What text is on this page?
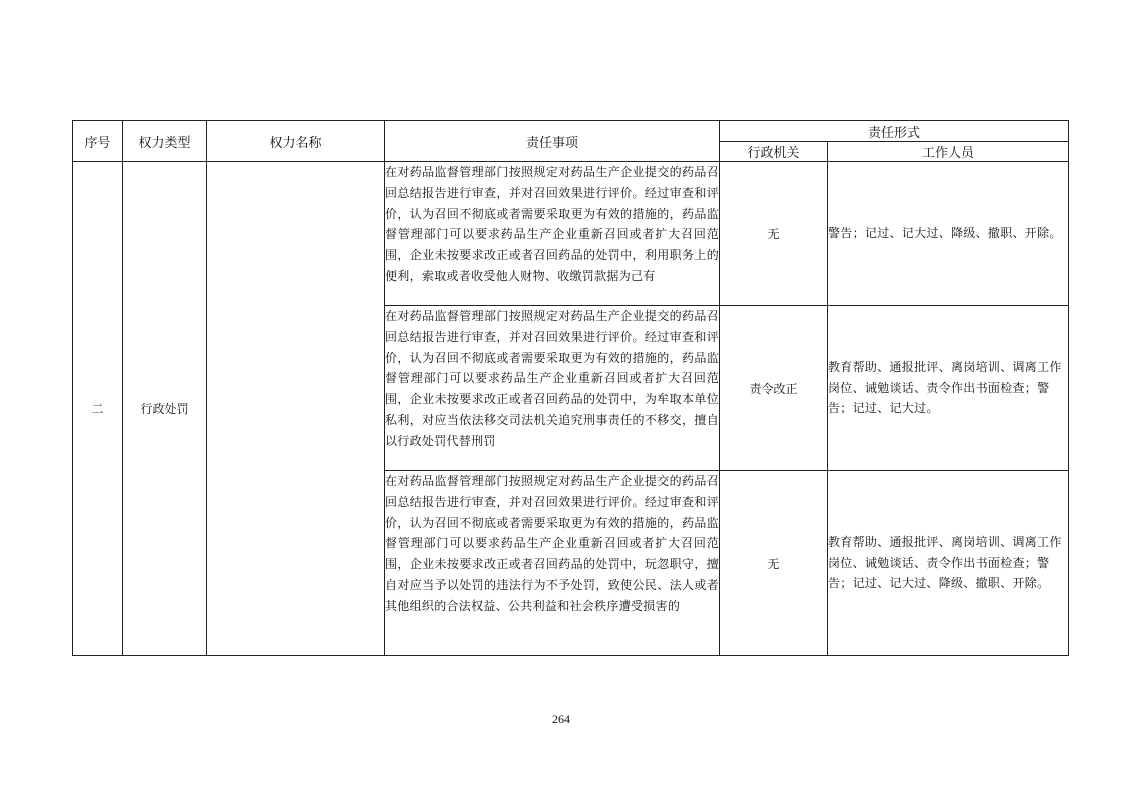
序号	权力类型	权力名称	责任事项	责任形式	
				行政机关	工作人员
二	行政处罚		在对药品监督管理部门按照规定对药品生产企业提交的药品召回总结报告进行审查，并对召回效果进行评价。经过审查和评价，认为召回不彻底或者需要采取更为有效的措施的，药品监督管理部门可以要求药品生产企业重新召回或者扩大召回范围，企业未按要求改正或者召回药品的处罚中，利用职务上的便利，索取或者收受他人财物、收缴罚款据为己有	无	警告；记过、记大过、降级、撤职、开除。
			在对药品监督管理部门按照规定对药品生产企业提交的药品召回总结报告进行审查，并对召回效果进行评价。经过审查和评价，认为召回不彻底或者需要采取更为有效的措施的，药品监督管理部门可以要求药品生产企业重新召回或者扩大召回范围，企业未按要求改正或者召回药品的处罚中，为牟取本单位私利，对应当依法移交司法机关追究刑事责任的不移交，擅自以行政处罚代替刑罚	责令改正	教育帮助、通报批评、离岗培训、调离工作岗位、诫勉谈话、责令作出书面检查；警告；记过、记大过。
			在对药品监督管理部门按照规定对药品生产企业提交的药品召回总结报告进行审查，并对召回效果进行评价。经过审查和评价，认为召回不彻底或者需要采取更为有效的措施的，药品监督管理部门可以要求药品生产企业重新召回或者扩大召回范围，企业未按要求改正或者召回药品的处罚中，玩忽职守，擅自对应当予以处罚的违法行为不予处罚，致使公民、法人或者其他组织的合法权益、公共利益和社会秩序遭受损害的	无	教育帮助、通报批评、离岗培训、调离工作岗位、诫勉谈话、责令作出书面检查；警告；记过、记大过、降级、撤职、开除。
264
